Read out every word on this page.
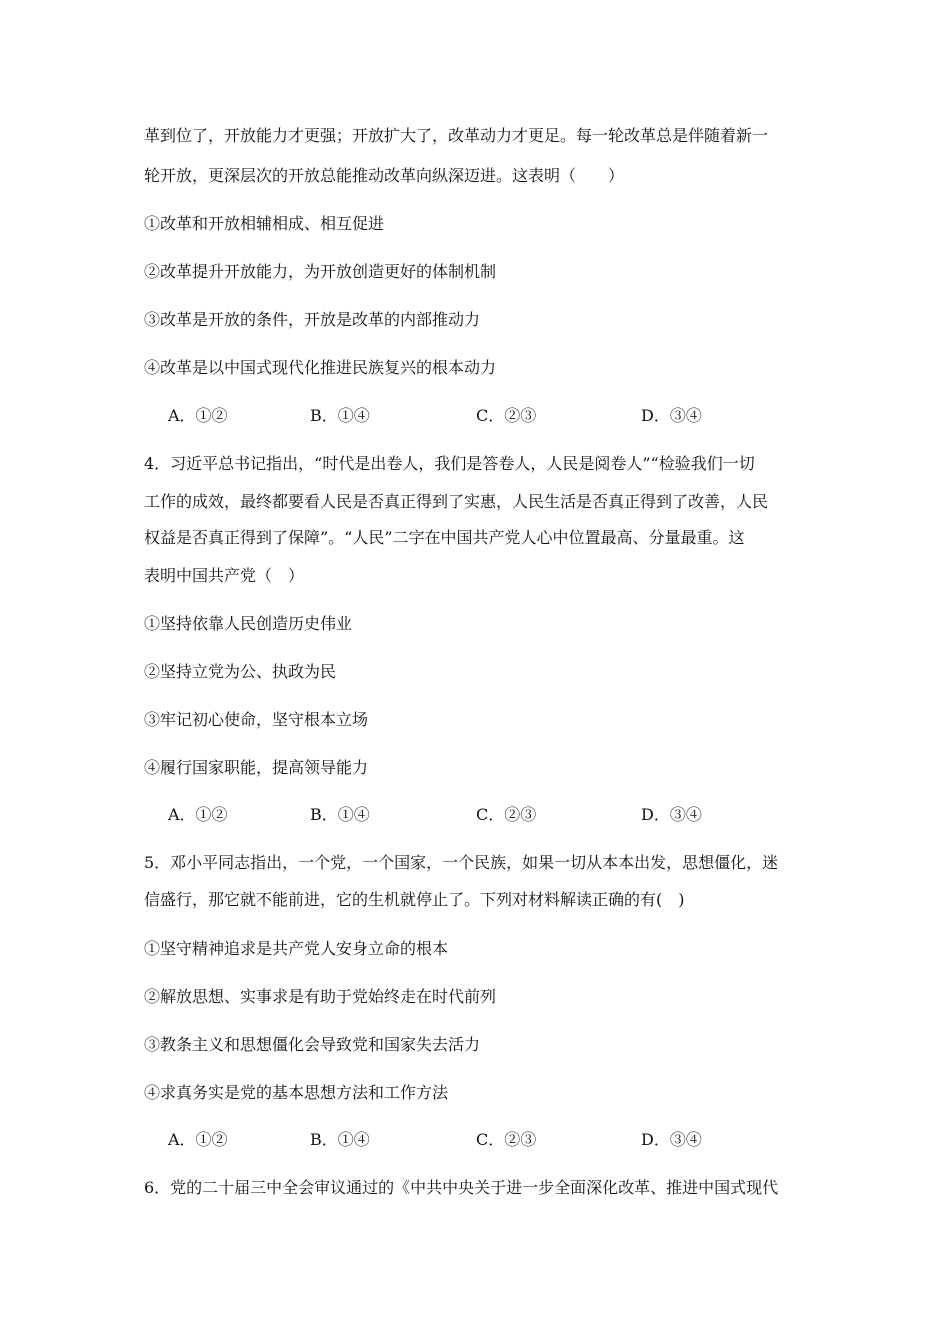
革到位了，开放能力才更强；开放扩大了，改革动力才更足。每一轮改革总是伴随着新一
轮开放，更深层次的开放总能推动改革向纵深迈进。这表明（　　）
①改革和开放相辅相成、相互促进
②改革提升开放能力，为开放创造更好的体制机制
③改革是开放的条件，开放是改革的内部推动力
④改革是以中国式现代化推进民族复兴的根本动力
A．①②	B．①④	C．②③	D．③④
4．习近平总书记指出，“时代是出卷人，我们是答卷人，人民是阅卷人”“检验我们一切
工作的成效，最终都要看人民是否真正得到了实惠，人民生活是否真正得到了改善，人民
权益是否真正得到了保障”。“人民”二字在中国共产党人心中位置最高、分量最重。这
表明中国共产党（　）
①坚持依靠人民创造历史伟业
②坚持立党为公、执政为民
③牢记初心使命，坚守根本立场
④履行国家职能，提高领导能力
A．①②	B．①④	C．②③	D．③④
5．邓小平同志指出，一个党，一个国家，一个民族，如果一切从本本出发，思想僵化，迷
信盛行，那它就不能前进，它的生机就停止了。下列对材料解读正确的有(　)
①坚守精神追求是共产党人安身立命的根本
②解放思想、实事求是有助于党始终走在时代前列
③教条主义和思想僵化会导致党和国家失去活力
④求真务实是党的基本思想方法和工作方法
A．①②	B．①④	C．②③	D．③④
6．党的二十届三中全会审议通过的《中共中央关于进一步全面深化改革、推进中国式现代
